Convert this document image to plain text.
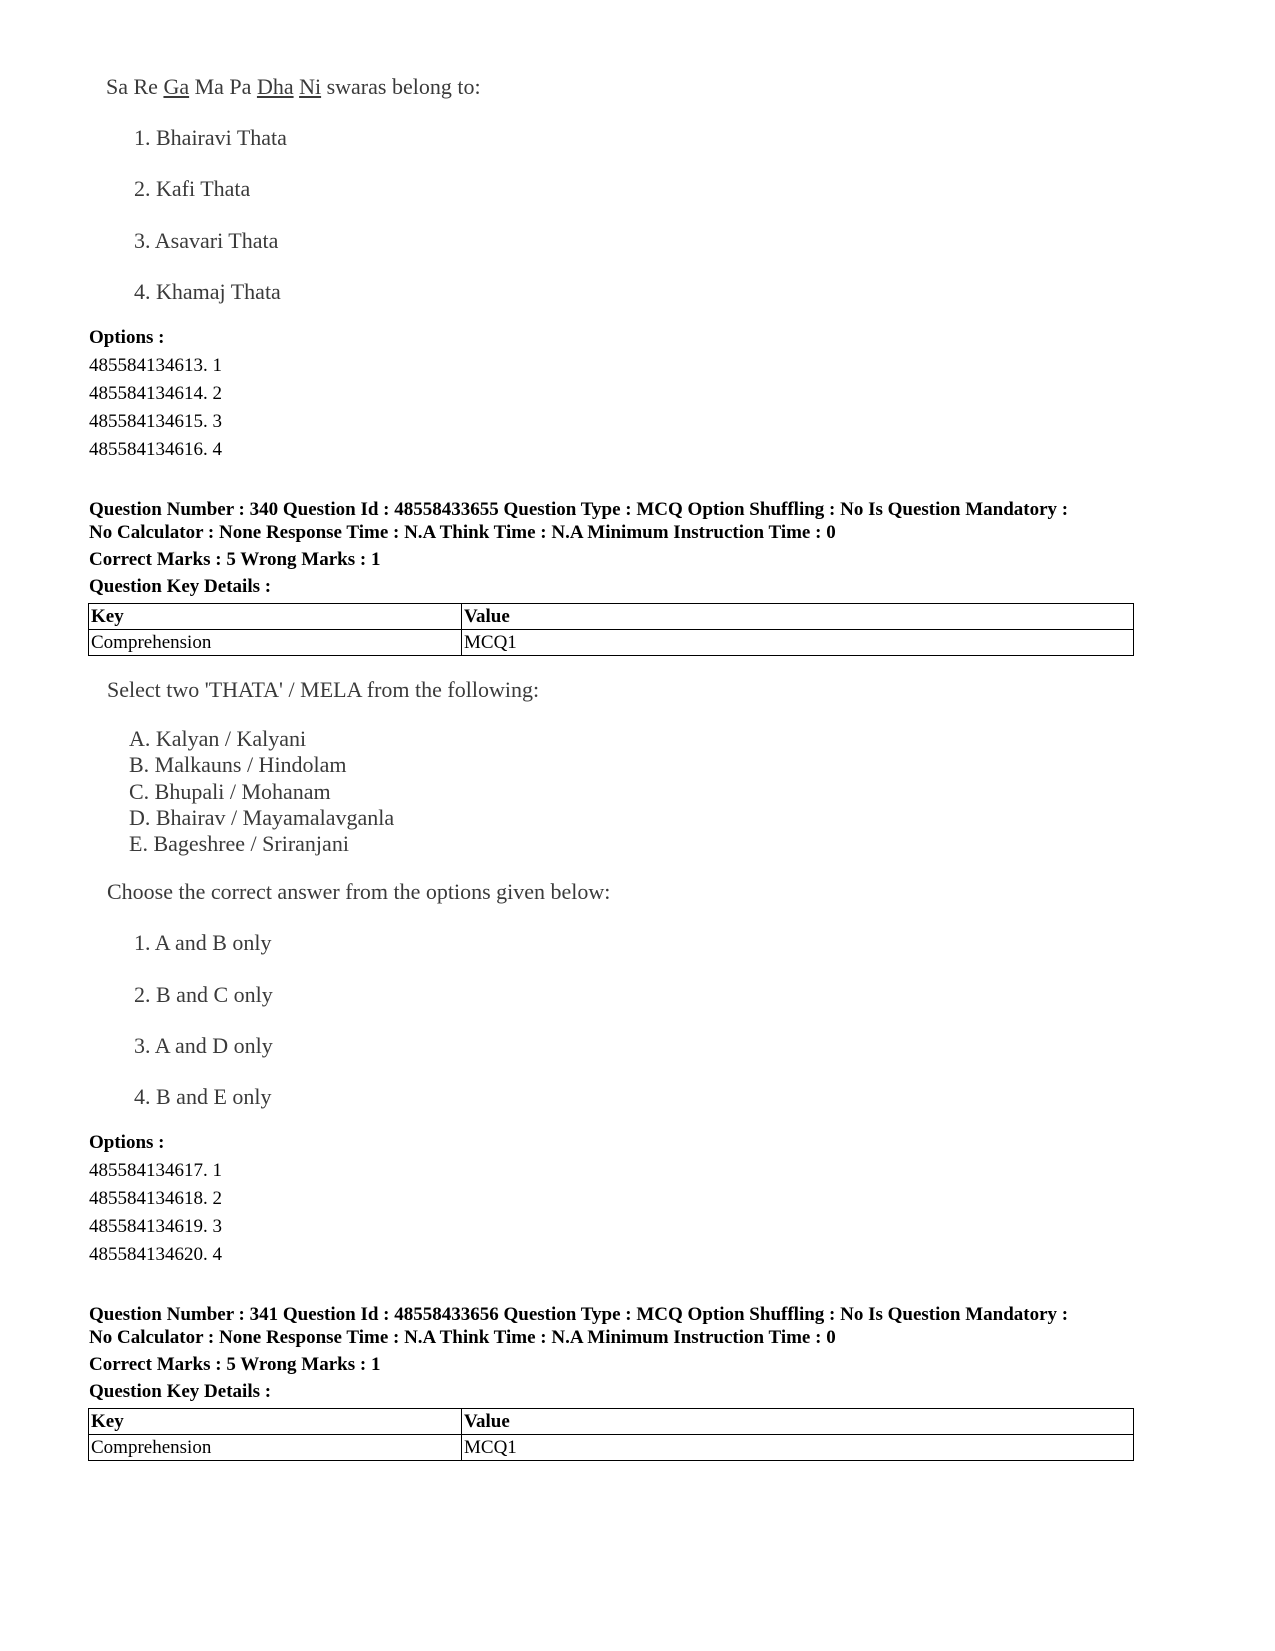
Sa Re Ga Ma Pa Dha Ni swaras belong to:
1. Bhairavi Thata
2. Kafi Thata
3. Asavari Thata
4. Khamaj Thata
Options :
485584134613. 1
485584134614. 2
485584134615. 3
485584134616. 4
Question Number : 340 Question Id : 48558433655 Question Type : MCQ Option Shuffling : No Is Question Mandatory :
No Calculator : None Response Time : N.A Think Time : N.A Minimum Instruction Time : 0
Correct Marks : 5 Wrong Marks : 1
Question Key Details :
Key	Value
Comprehension	MCQ1
Select two 'THATA' / MELA from the following:
A. Kalyan / Kalyani
B. Malkauns / Hindolam
C. Bhupali / Mohanam
D. Bhairav / Mayamalavganla
E. Bageshree / Sriranjani
Choose the correct answer from the options given below:
1. A and B only
2. B and C only
3. A and D only
4. B and E only
Options :
485584134617. 1
485584134618. 2
485584134619. 3
485584134620. 4
Question Number : 341 Question Id : 48558433656 Question Type : MCQ Option Shuffling : No Is Question Mandatory :
No Calculator : None Response Time : N.A Think Time : N.A Minimum Instruction Time : 0
Correct Marks : 5 Wrong Marks : 1
Question Key Details :
Key	Value
Comprehension	MCQ1
